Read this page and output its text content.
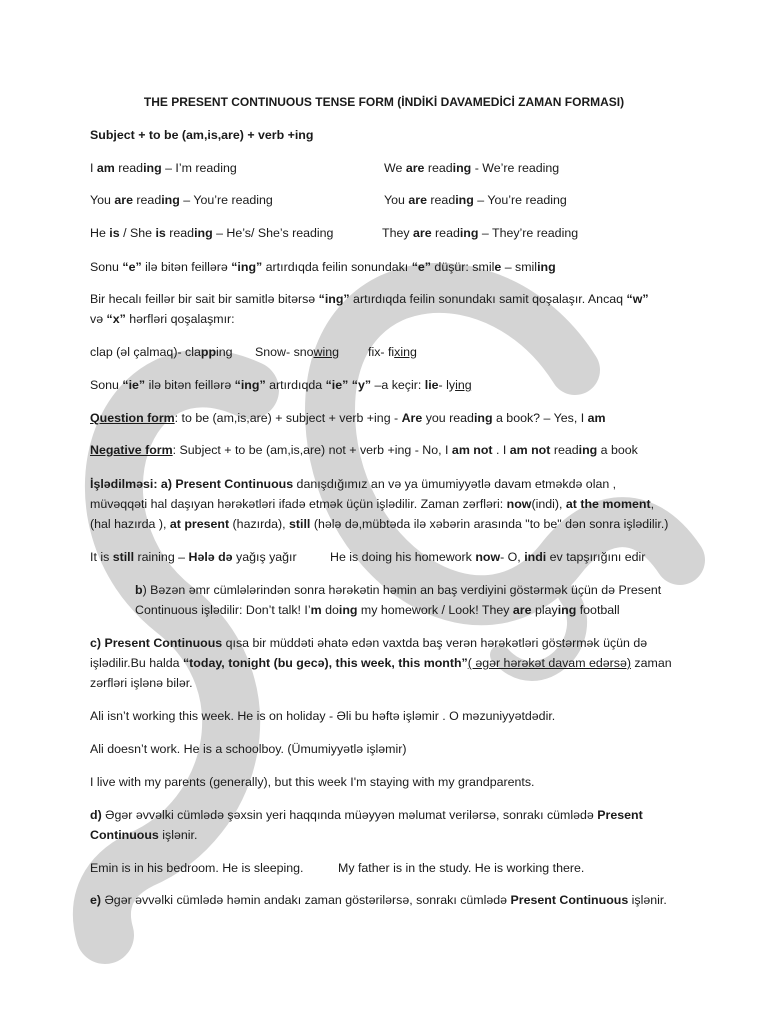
THE PRESENT CONTINUOUS TENSE FORM (İNDİKİ DAVAMEDİCİ ZAMAN FORMASI)
Subject + to be (am,is,are) + verb +ing
I am reading – I’m reading	We are reading - We’re reading
You are reading – You’re reading	You are reading – You’re reading
He is / She is reading – He’s/ She’s reading	They are reading – They’re reading
Sonu “e” ilə bitən feillərə “ing” artırdıqda feilin sonundakı “e” düşür: smile – smiling
Bir hecalı feillər bir sait bir samitlə bitərsə “ing” artırdıqda feilin sonundakı samit qoşalaşır. Ancaq “w”
və “x” hərfləri qoşalaşmır:
clap (əl çalmaq)- clapping Snow- snowing fix- fixing
Sonu “ie” ilə bitən feillərə “ing” artırdıqda “ie” “y” –a keçir: lie- lying
Question form: to be (am,is,are) + subject + verb +ing - Are you reading a book? – Yes, I am
Negative form: Subject + to be (am,is,are) not + verb +ing - No, I am not . I am not reading a book
İşlədilməsi: a) Present Continuous danışdığımız an və ya ümumiyyətlə davam etməkdə olan ,
müvəqqəti hal daşıyan hərəkətləri ifadə etmək üçün işlədilir. Zaman zərfləri: now(indi), at the moment,
(hal hazırda ), at present (hazırda), still (hələ də,mübtəda ilə xəbərin arasında "to be" dən sonra işlədilir.)
It is still raining – Hələ də yağış yağır	He is doing his homework now- O, indi ev tapşırığını edir
b) Bəzən əmr cümlələrindən sonra hərəkətin həmin an baş verdiyini göstərmək üçün də Present
Continuous işlədilir: Don’t talk! I’m doing my homework / Look! They are playing football
c) Present Continuous qısa bir müddəti əhatə edən vaxtda baş verən hərəkətləri göstərmək üçün də
işlədilir.Bu halda “today, tonight (bu gecə), this week, this month”( əgər hərəkət davam edərsə) zaman
zərfləri işlənə bilər.
Ali isn’t working this week. He is on holiday - Əli bu həftə işləmir . O məzuniyyətdədir.
Ali doesn’t work. He is a schoolboy. (Ümumiyyətlə işləmir)
I live with my parents (generally), but this week I'm staying with my grandparents.
d) Əgər əvvəlki cümlədə şəxsin yeri haqqında müəyyən məlumat verilərsə, sonrakı cümlədə Present
Continuous işlənir.
Emin is in his bedroom. He is sleeping.	My father is in the study. He is working there.
e) Əgər əvvəlki cümlədə həmin andakı zaman göstərilərsə, sonrakı cümlədə Present Continuous işlənir.
